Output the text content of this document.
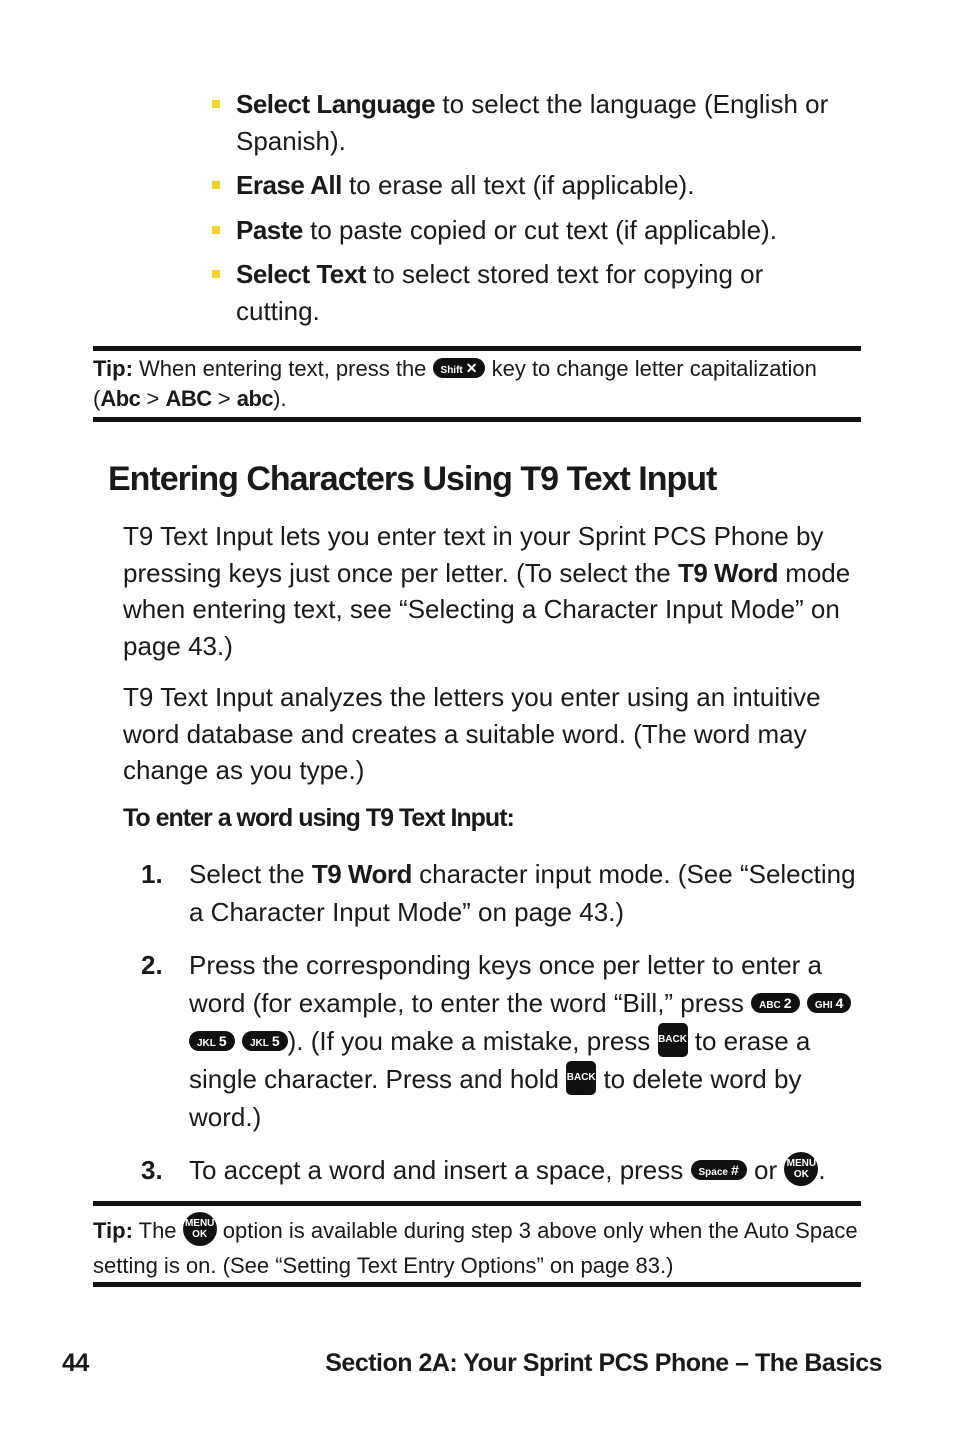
Select Language to select the language (English or Spanish).
Erase All to erase all text (if applicable).
Paste to paste copied or cut text (if applicable).
Select Text to select stored text for copying or cutting.
Tip: When entering text, press the Shift ✕ key to change letter capitalization (Abc > ABC > abc).
Entering Characters Using T9 Text Input
T9 Text Input lets you enter text in your Sprint PCS Phone by pressing keys just once per letter. (To select the T9 Word mode when entering text, see “Selecting a Character Input Mode” on page 43.)
T9 Text Input analyzes the letters you enter using an intuitive word database and creates a suitable word. (The word may change as you type.)
To enter a word using T9 Text Input:
1. Select the T9 Word character input mode. (See “Selecting a Character Input Mode” on page 43.)
2. Press the corresponding keys once per letter to enter a word (for example, to enter the word “Bill,” press ABC 2 GHI 4 JKL 5 JKL 5 ). (If you make a mistake, press BACK to erase a single character. Press and hold BACK to delete word by word.)
3. To accept a word and insert a space, press Space # or MENU
OK .
Tip: The MENU
OK option is available during step 3 above only when the Auto Space setting is on. (See “Setting Text Entry Options” on page 83.)
44	Section 2A: Your Sprint PCS Phone – The Basics
